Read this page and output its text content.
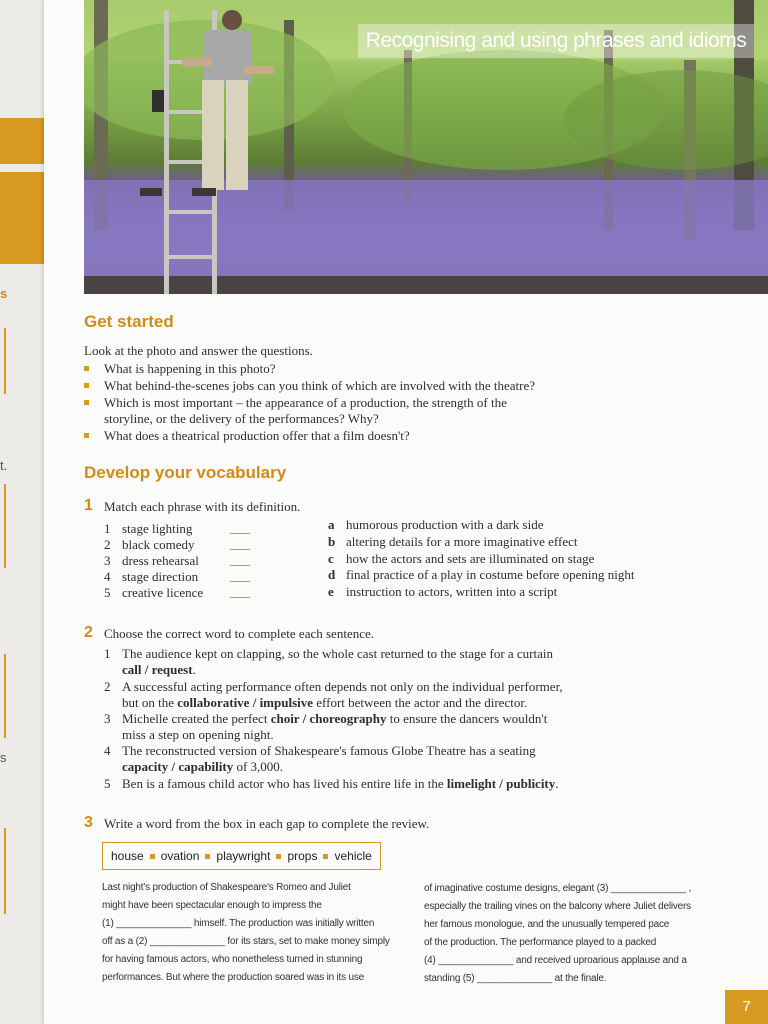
s
t.
s
Recognising and using phrases and idioms
Get started
Look at the photo and answer the questions.
What is happening in this photo?
What behind-the-scenes jobs can you think of which are involved with the theatre?
Which is most important – the appearance of a production, the strength of the
storyline, or the delivery of the performances? Why?
What does a theatrical production offer that a film doesn't?
Develop your vocabulary
1 Match each phrase with its definition.
1 stage lighting
2 black comedy
3 dress rehearsal
4 stage direction
5 creative licence
a humorous production with a dark side
b altering details for a more imaginative effect
c how the actors and sets are illuminated on stage
d final practice of a play in costume before opening night
e instruction to actors, written into a script
2 Choose the correct word to complete each sentence.
1 The audience kept on clapping, so the whole cast returned to the stage for a curtain
call / request.
2 A successful acting performance often depends not only on the individual performer,
but on the collaborative / impulsive effort between the actor and the director.
3 Michelle created the perfect choir / choreography to ensure the dancers wouldn't
miss a step on opening night.
4 The reconstructed version of Shakespeare's famous Globe Theatre has a seating
capacity / capability of 3,000.
5 Ben is a famous child actor who has lived his entire life in the limelight / publicity.
3 Write a word from the box in each gap to complete the review.
house ovation playwright props vehicle
Last night's production of Shakespeare's Romeo and Juliet
might have been spectacular enough to impress the
(1) ______________ himself. The production was initially written
off as a (2) ______________ for its stars, set to make money simply
for having famous actors, who nonetheless turned in stunning
performances. But where the production soared was in its use
of imaginative costume designs, elegant (3) ______________ ,
especially the trailing vines on the balcony where Juliet delivers
her famous monologue, and the unusually tempered pace
of the production. The performance played to a packed
(4) ______________ and received uproarious applause and a
standing (5) ______________ at the finale.
7
